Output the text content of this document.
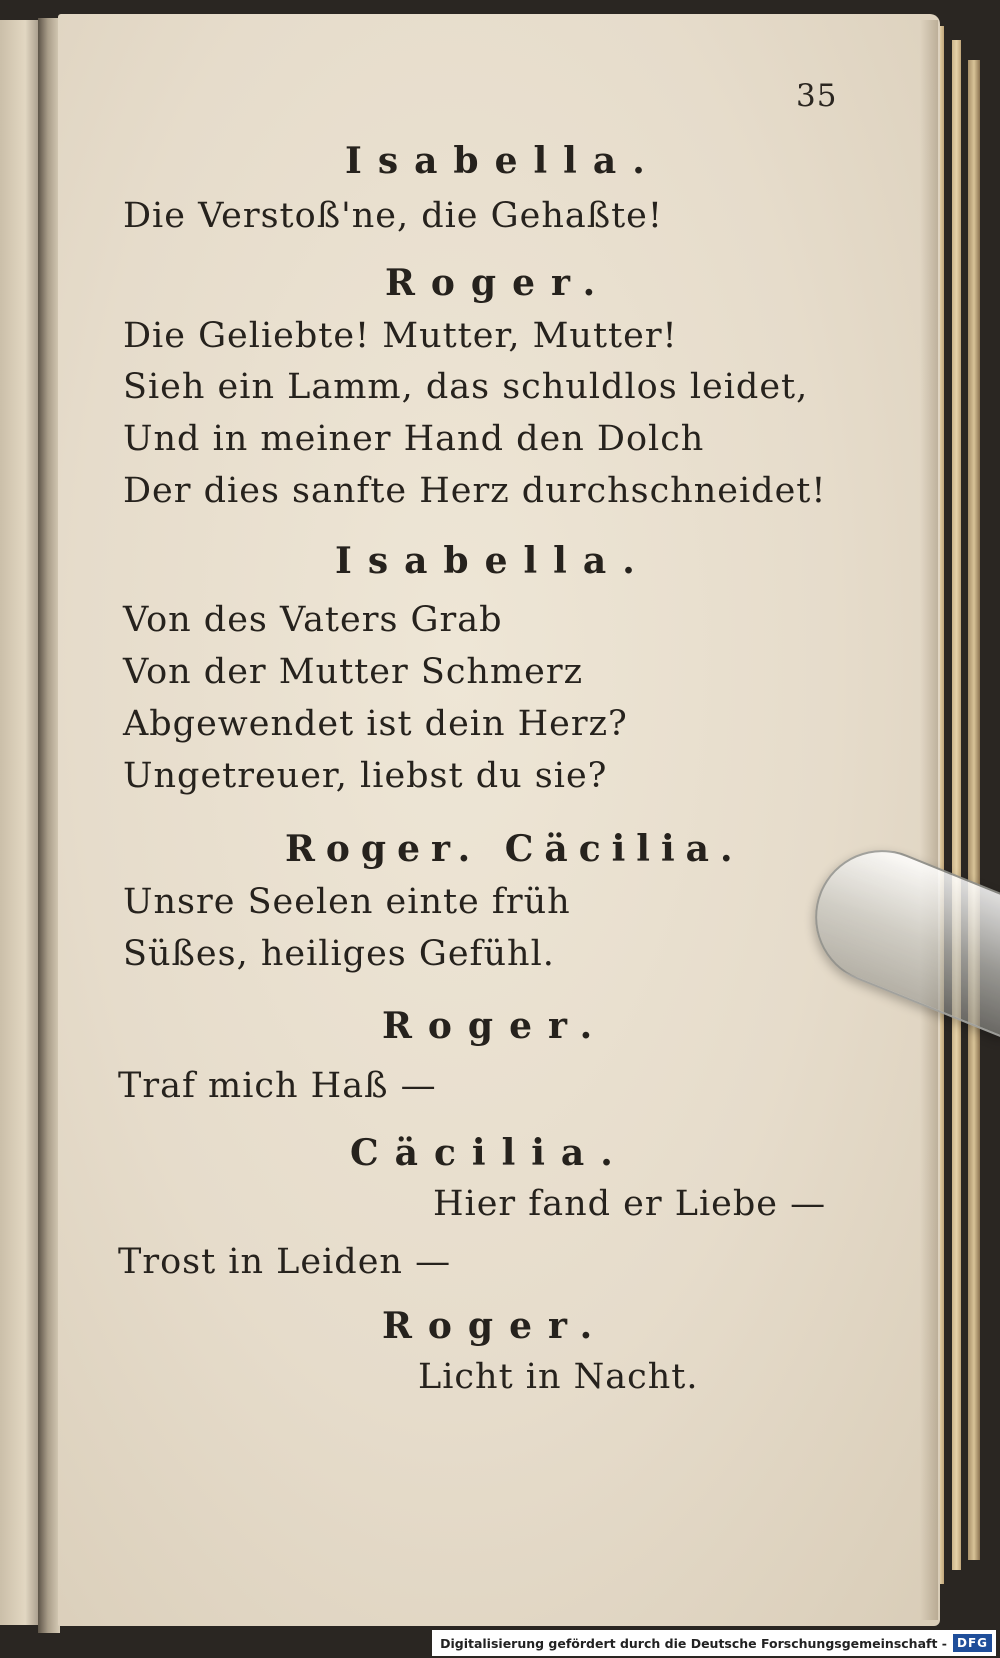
35
Isabella.
Die Verstoß'ne, die Gehaßte!
Roger.
Die Geliebte! Mutter, Mutter!
Sieh ein Lamm, das schuldlos leidet,
Und in meiner Hand den Dolch
Der dies sanfte Herz durchschneidet!
Isabella.
Von des Vaters Grab
Von der Mutter Schmerz
Abgewendet ist dein Herz?
Ungetreuer, liebst du sie?
Roger. Cäcilia.
Unsre Seelen einte früh
Süßes, heiliges Gefühl.
Roger.
Traf mich Haß —
Cäcilia.
Hier fand er Liebe —
Trost in Leiden —
Roger.
Licht in Nacht.
Digitalisierung gefördert durch die Deutsche Forschungsgemeinschaft - DFG
